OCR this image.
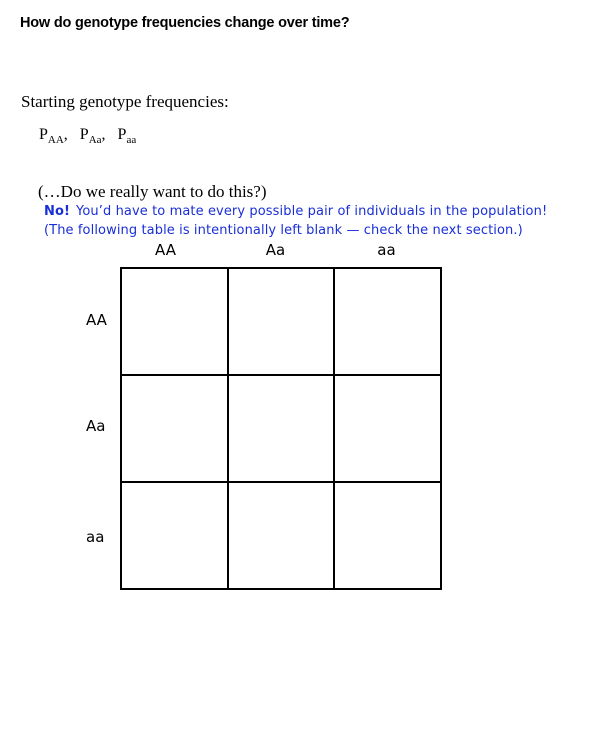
How do genotype frequencies change over time?
Starting genotype frequencies:
$P_{AA}$, $P_{Aa}$, $P_{aa}$
(…Do we really want to do this?)
No! You’d have to mate every possible pair of individuals in the population!
(The following table is intentionally left blank — check the next section.)
AA	Aa	aa
AA
Aa
aa
